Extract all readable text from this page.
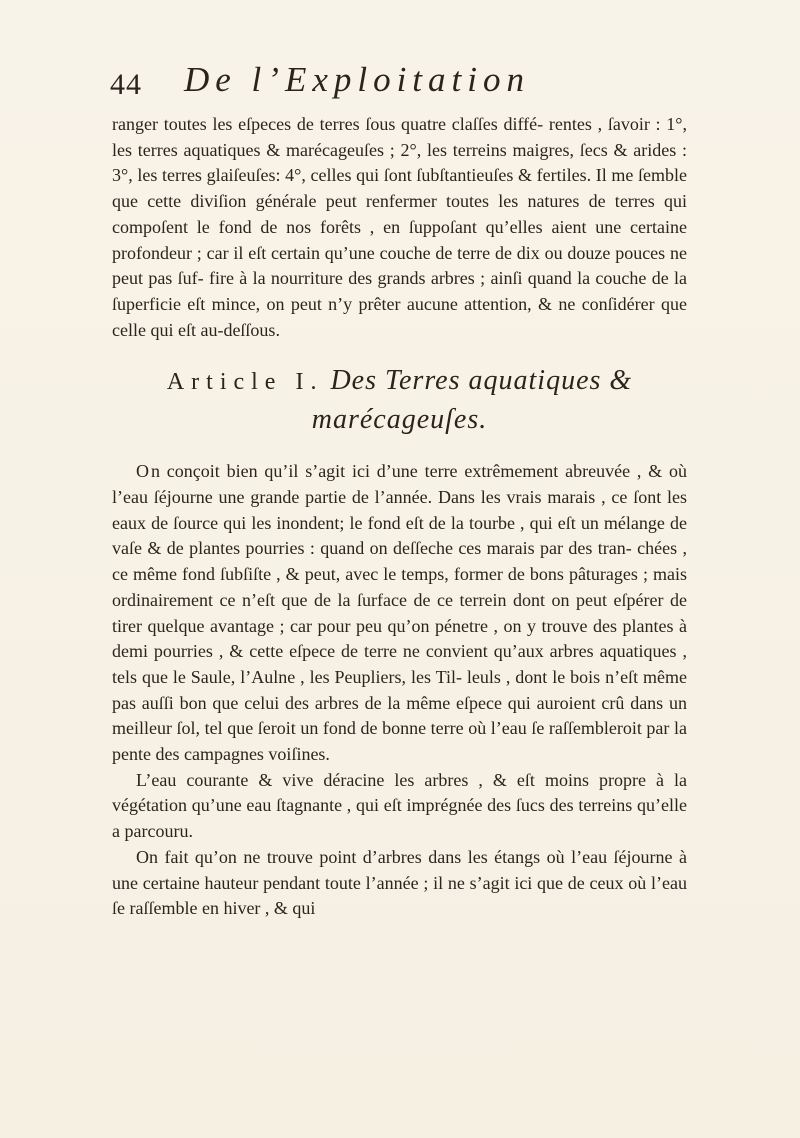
44 De l’Exploitation

ranger toutes les eſpeces de terres ſous quatre claſſes diffé- rentes , ſavoir : 1°, les terres aquatiques & marécageuſes ; 2°, les terreins maigres, ſecs & arides : 3°, les terres glaiſeuſes: 4°, celles qui ſont ſubſtantieuſes & fertiles. Il me ſemble que cette diviſion générale peut renfermer toutes les natures de terres qui compoſent le fond de nos forêts , en ſuppoſant qu’elles aient une certaine profondeur ; car il eſt certain qu’une couche de terre de dix ou douze pouces ne peut pas ſuf- fire à la nourriture des grands arbres ; ainſi quand la couche de la ſuperficie eſt mince, on peut n’y prêter aucune attention, & ne conſidérer que celle qui eſt au-deſſous.

Article I. Des Terres aquatiques & marécageuſes.

On conçoit bien qu’il s’agit ici d’une terre extrêmement abreuvée , & où l’eau ſéjourne une grande partie de l’année. Dans les vrais marais , ce ſont les eaux de ſource qui les inondent; le fond eſt de la tourbe , qui eſt un mélange de vaſe & de plantes pourries : quand on deſſeche ces marais par des tran- chées , ce même fond ſubſiſte , & peut, avec le temps, former de bons pâturages ; mais ordinairement ce n’eſt que de la ſurface de ce terrein dont on peut eſpérer de tirer quelque avantage ; car pour peu qu’on pénetre , on y trouve des plantes à demi pourries , & cette eſpece de terre ne convient qu’aux arbres aquatiques , tels que le Saule, l’Aulne , les Peupliers, les Til- leuls , dont le bois n’eſt même pas auſſi bon que celui des arbres de la même eſpece qui auroient crû dans un meilleur ſol, tel que ſeroit un fond de bonne terre où l’eau ſe raſſembleroit par la pente des campagnes voiſines.

L’eau courante & vive déracine les arbres , & eſt moins propre à la végétation qu’une eau ſtagnante , qui eſt imprégnée des ſucs des terreins qu’elle a parcouru.

On fait qu’on ne trouve point d’arbres dans les étangs où l’eau ſéjourne à une certaine hauteur pendant toute l’année ; il ne s’agit ici que de ceux où l’eau ſe raſſemble en hiver , & qui
